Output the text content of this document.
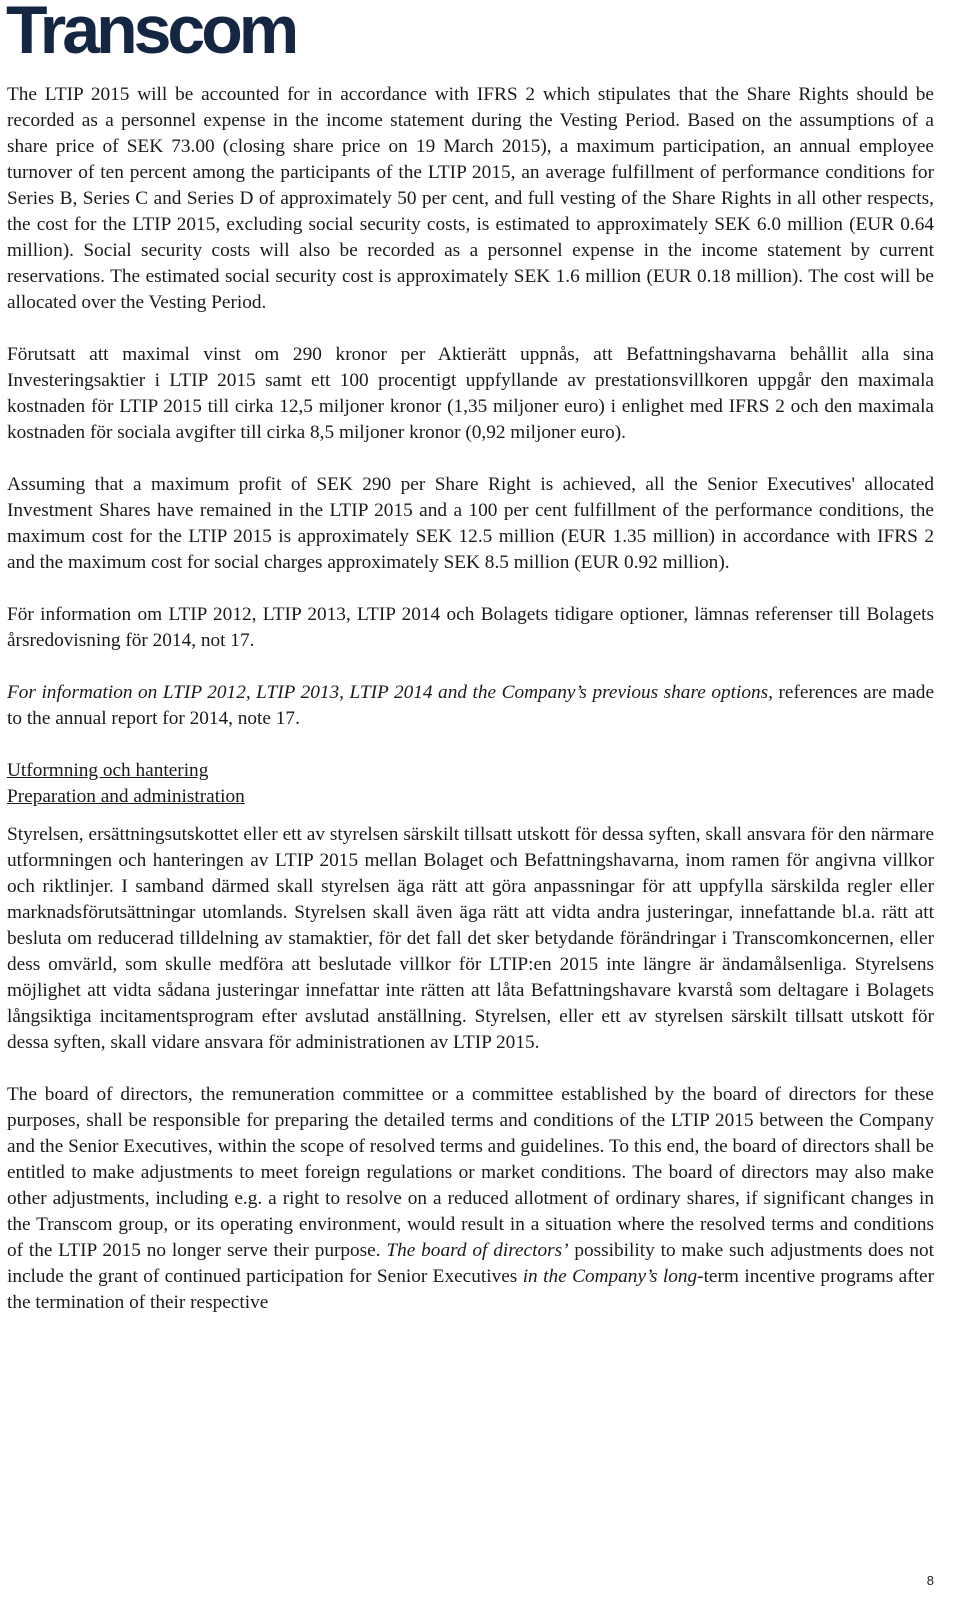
Transcom

The LTIP 2015 will be accounted for in accordance with IFRS 2 which stipulates that the Share Rights should be recorded as a personnel expense in the income statement during the Vesting Period. Based on the assumptions of a share price of SEK 73.00 (closing share price on 19 March 2015), a maximum participation, an annual employee turnover of ten percent among the participants of the LTIP 2015, an average fulfillment of performance conditions for Series B, Series C and Series D of approximately 50 per cent, and full vesting of the Share Rights in all other respects, the cost for the LTIP 2015, excluding social security costs, is estimated to approximately SEK 6.0 million (EUR 0.64 million). Social security costs will also be recorded as a personnel expense in the income statement by current reservations. The estimated social security cost is approximately SEK 1.6 million (EUR 0.18 million). The cost will be allocated over the Vesting Period.

Förutsatt att maximal vinst om 290 kronor per Aktierätt uppnås, att Befattningshavarna behållit alla sina Investeringsaktier i LTIP 2015 samt ett 100 procentigt uppfyllande av prestationsvillkoren uppgår den maximala kostnaden för LTIP 2015 till cirka 12,5 miljoner kronor (1,35 miljoner euro) i enlighet med IFRS 2 och den maximala kostnaden för sociala avgifter till cirka 8,5 miljoner kronor (0,92 miljoner euro).

Assuming that a maximum profit of SEK 290 per Share Right is achieved, all the Senior Executives' allocated Investment Shares have remained in the LTIP 2015 and a 100 per cent fulfillment of the performance conditions, the maximum cost for the LTIP 2015 is approximately SEK 12.5 million (EUR 1.35 million) in accordance with IFRS 2 and the maximum cost for social charges approximately SEK 8.5 million (EUR 0.92 million).

För information om LTIP 2012, LTIP 2013, LTIP 2014 och Bolagets tidigare optioner, lämnas referenser till Bolagets årsredovisning för 2014, not 17.

For information on LTIP 2012, LTIP 2013, LTIP 2014 and the Company’s previous share options, references are made to the annual report for 2014, note 17.

Utformning och hantering
Preparation and administration

Styrelsen, ersättningsutskottet eller ett av styrelsen särskilt tillsatt utskott för dessa syften, skall ansvara för den närmare utformningen och hanteringen av LTIP 2015 mellan Bolaget och Befattningshavarna, inom ramen för angivna villkor och riktlinjer. I samband därmed skall styrelsen äga rätt att göra anpassningar för att uppfylla särskilda regler eller marknadsförutsättningar utomlands. Styrelsen skall även äga rätt att vidta andra justeringar, innefattande bl.a. rätt att besluta om reducerad tilldelning av stamaktier, för det fall det sker betydande förändringar i Transcomkoncernen, eller dess omvärld, som skulle medföra att beslutade villkor för LTIP:en 2015 inte längre är ändamålsenliga. Styrelsens möjlighet att vidta sådana justeringar innefattar inte rätten att låta Befattningshavare kvarstå som deltagare i Bolagets långsiktiga incitamentsprogram efter avslutad anställning. Styrelsen, eller ett av styrelsen särskilt tillsatt utskott för dessa syften, skall vidare ansvara för administrationen av LTIP 2015.

The board of directors, the remuneration committee or a committee established by the board of directors for these purposes, shall be responsible for preparing the detailed terms and conditions of the LTIP 2015 between the Company and the Senior Executives, within the scope of resolved terms and guidelines. To this end, the board of directors shall be entitled to make adjustments to meet foreign regulations or market conditions. The board of directors may also make other adjustments, including e.g. a right to resolve on a reduced allotment of ordinary shares, if significant changes in the Transcom group, or its operating environment, would result in a situation where the resolved terms and conditions of the LTIP 2015 no longer serve their purpose. The board of directors’ possibility to make such adjustments does not include the grant of continued participation for Senior Executives in the Company’s long-term incentive programs after the termination of their respective

8
